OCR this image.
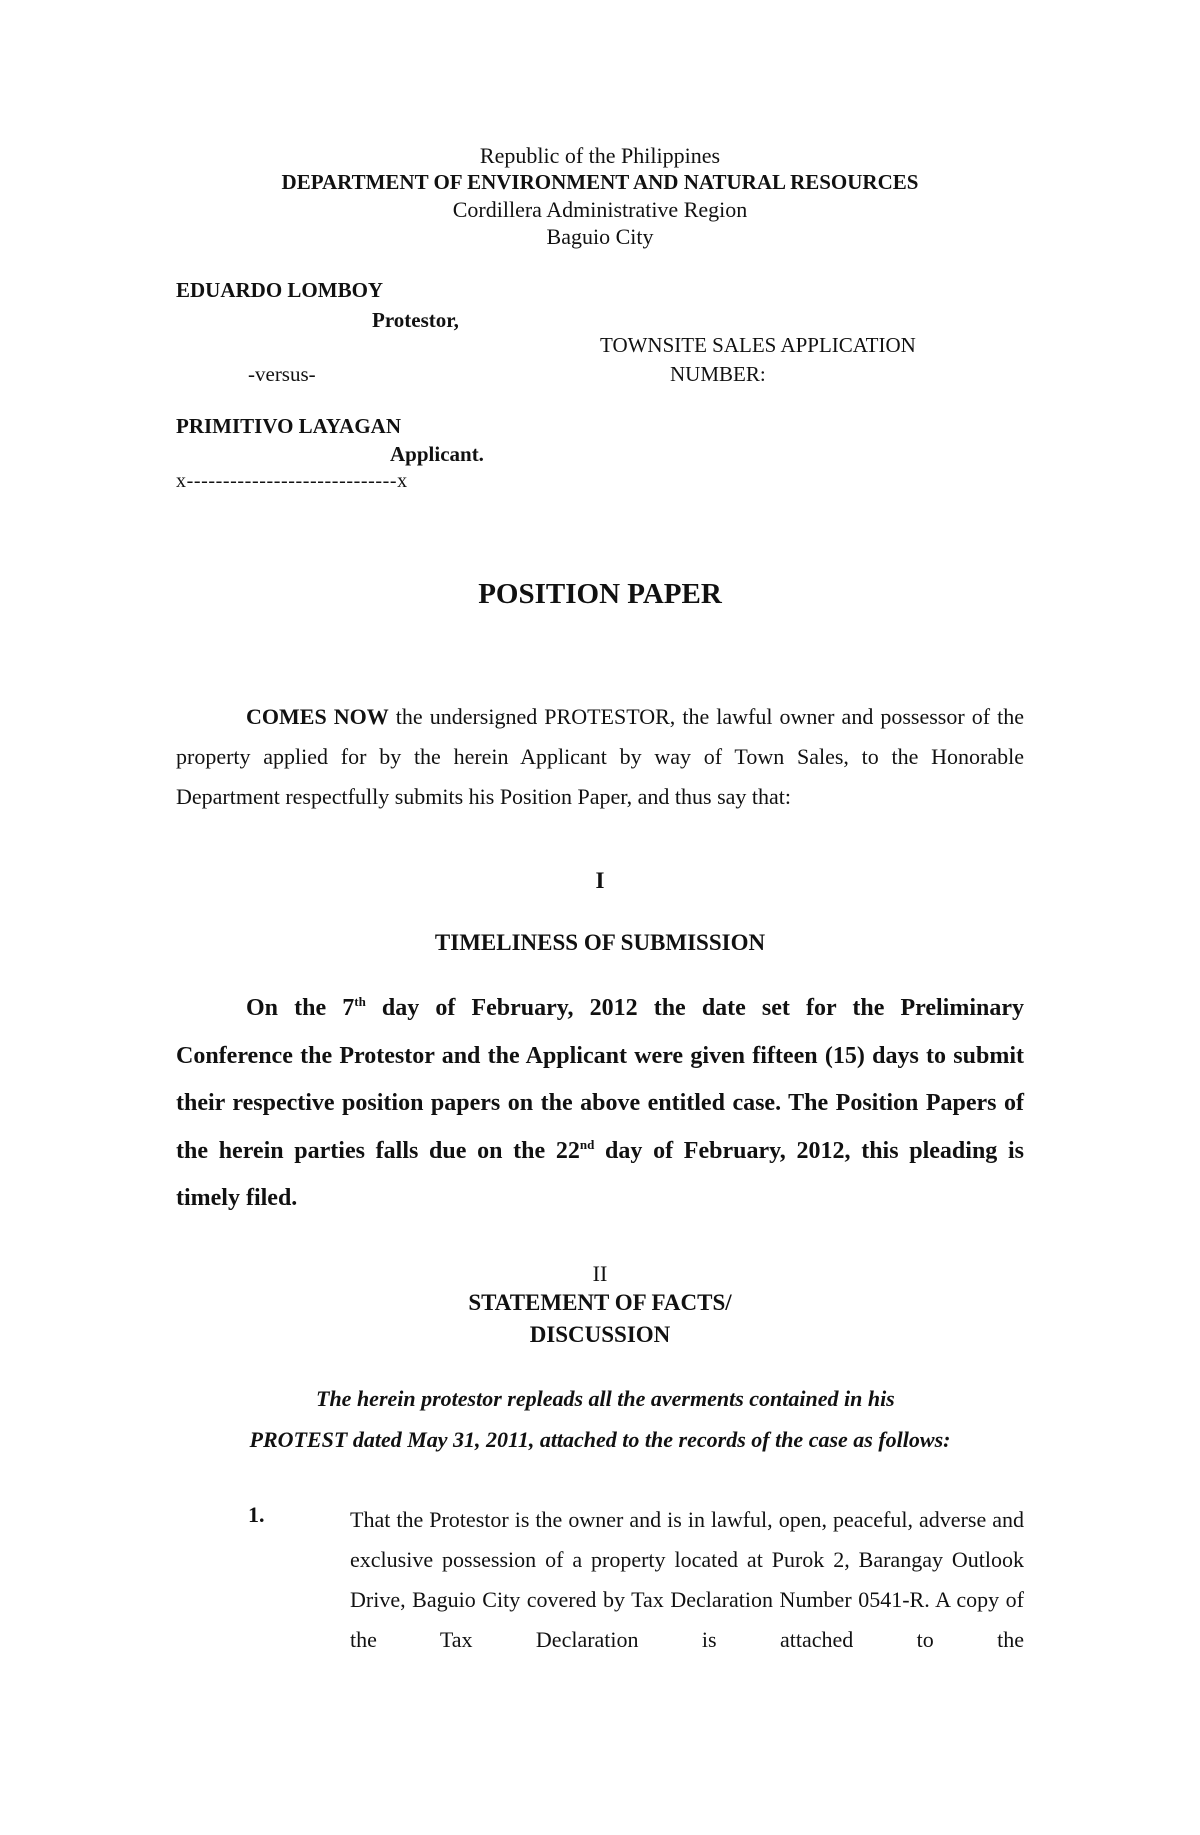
Republic of the Philippines
DEPARTMENT OF ENVIRONMENT AND NATURAL RESOURCES
Cordillera Administrative Region
Baguio City
EDUARDO LOMBOY
Protestor,
TOWNSITE SALES APPLICATION
-versus-	NUMBER:
PRIMITIVO LAYAGAN
Applicant.
x-----------------------------x
POSITION PAPER
COMES NOW the undersigned PROTESTOR, the lawful owner and possessor of the property applied for by the herein Applicant by way of Town Sales, to the Honorable Department respectfully submits his Position Paper, and thus say that:
I
TIMELINESS OF SUBMISSION
On the 7th day of February, 2012 the date set for the Preliminary Conference the Protestor and the Applicant were given fifteen (15) days to submit their respective position papers on the above entitled case. The Position Papers of the herein parties falls due on the 22nd day of February, 2012, this pleading is timely filed.
II
STATEMENT OF FACTS/
DISCUSSION
The herein protestor repleads all the averments contained in his
PROTEST dated May 31, 2011, attached to the records of the case as follows:
1.	That the Protestor is the owner and is in lawful, open, peaceful, adverse and exclusive possession of a property located at Purok 2, Barangay Outlook Drive, Baguio City covered by Tax Declaration Number 0541-R. A copy of the Tax Declaration is attached to the
